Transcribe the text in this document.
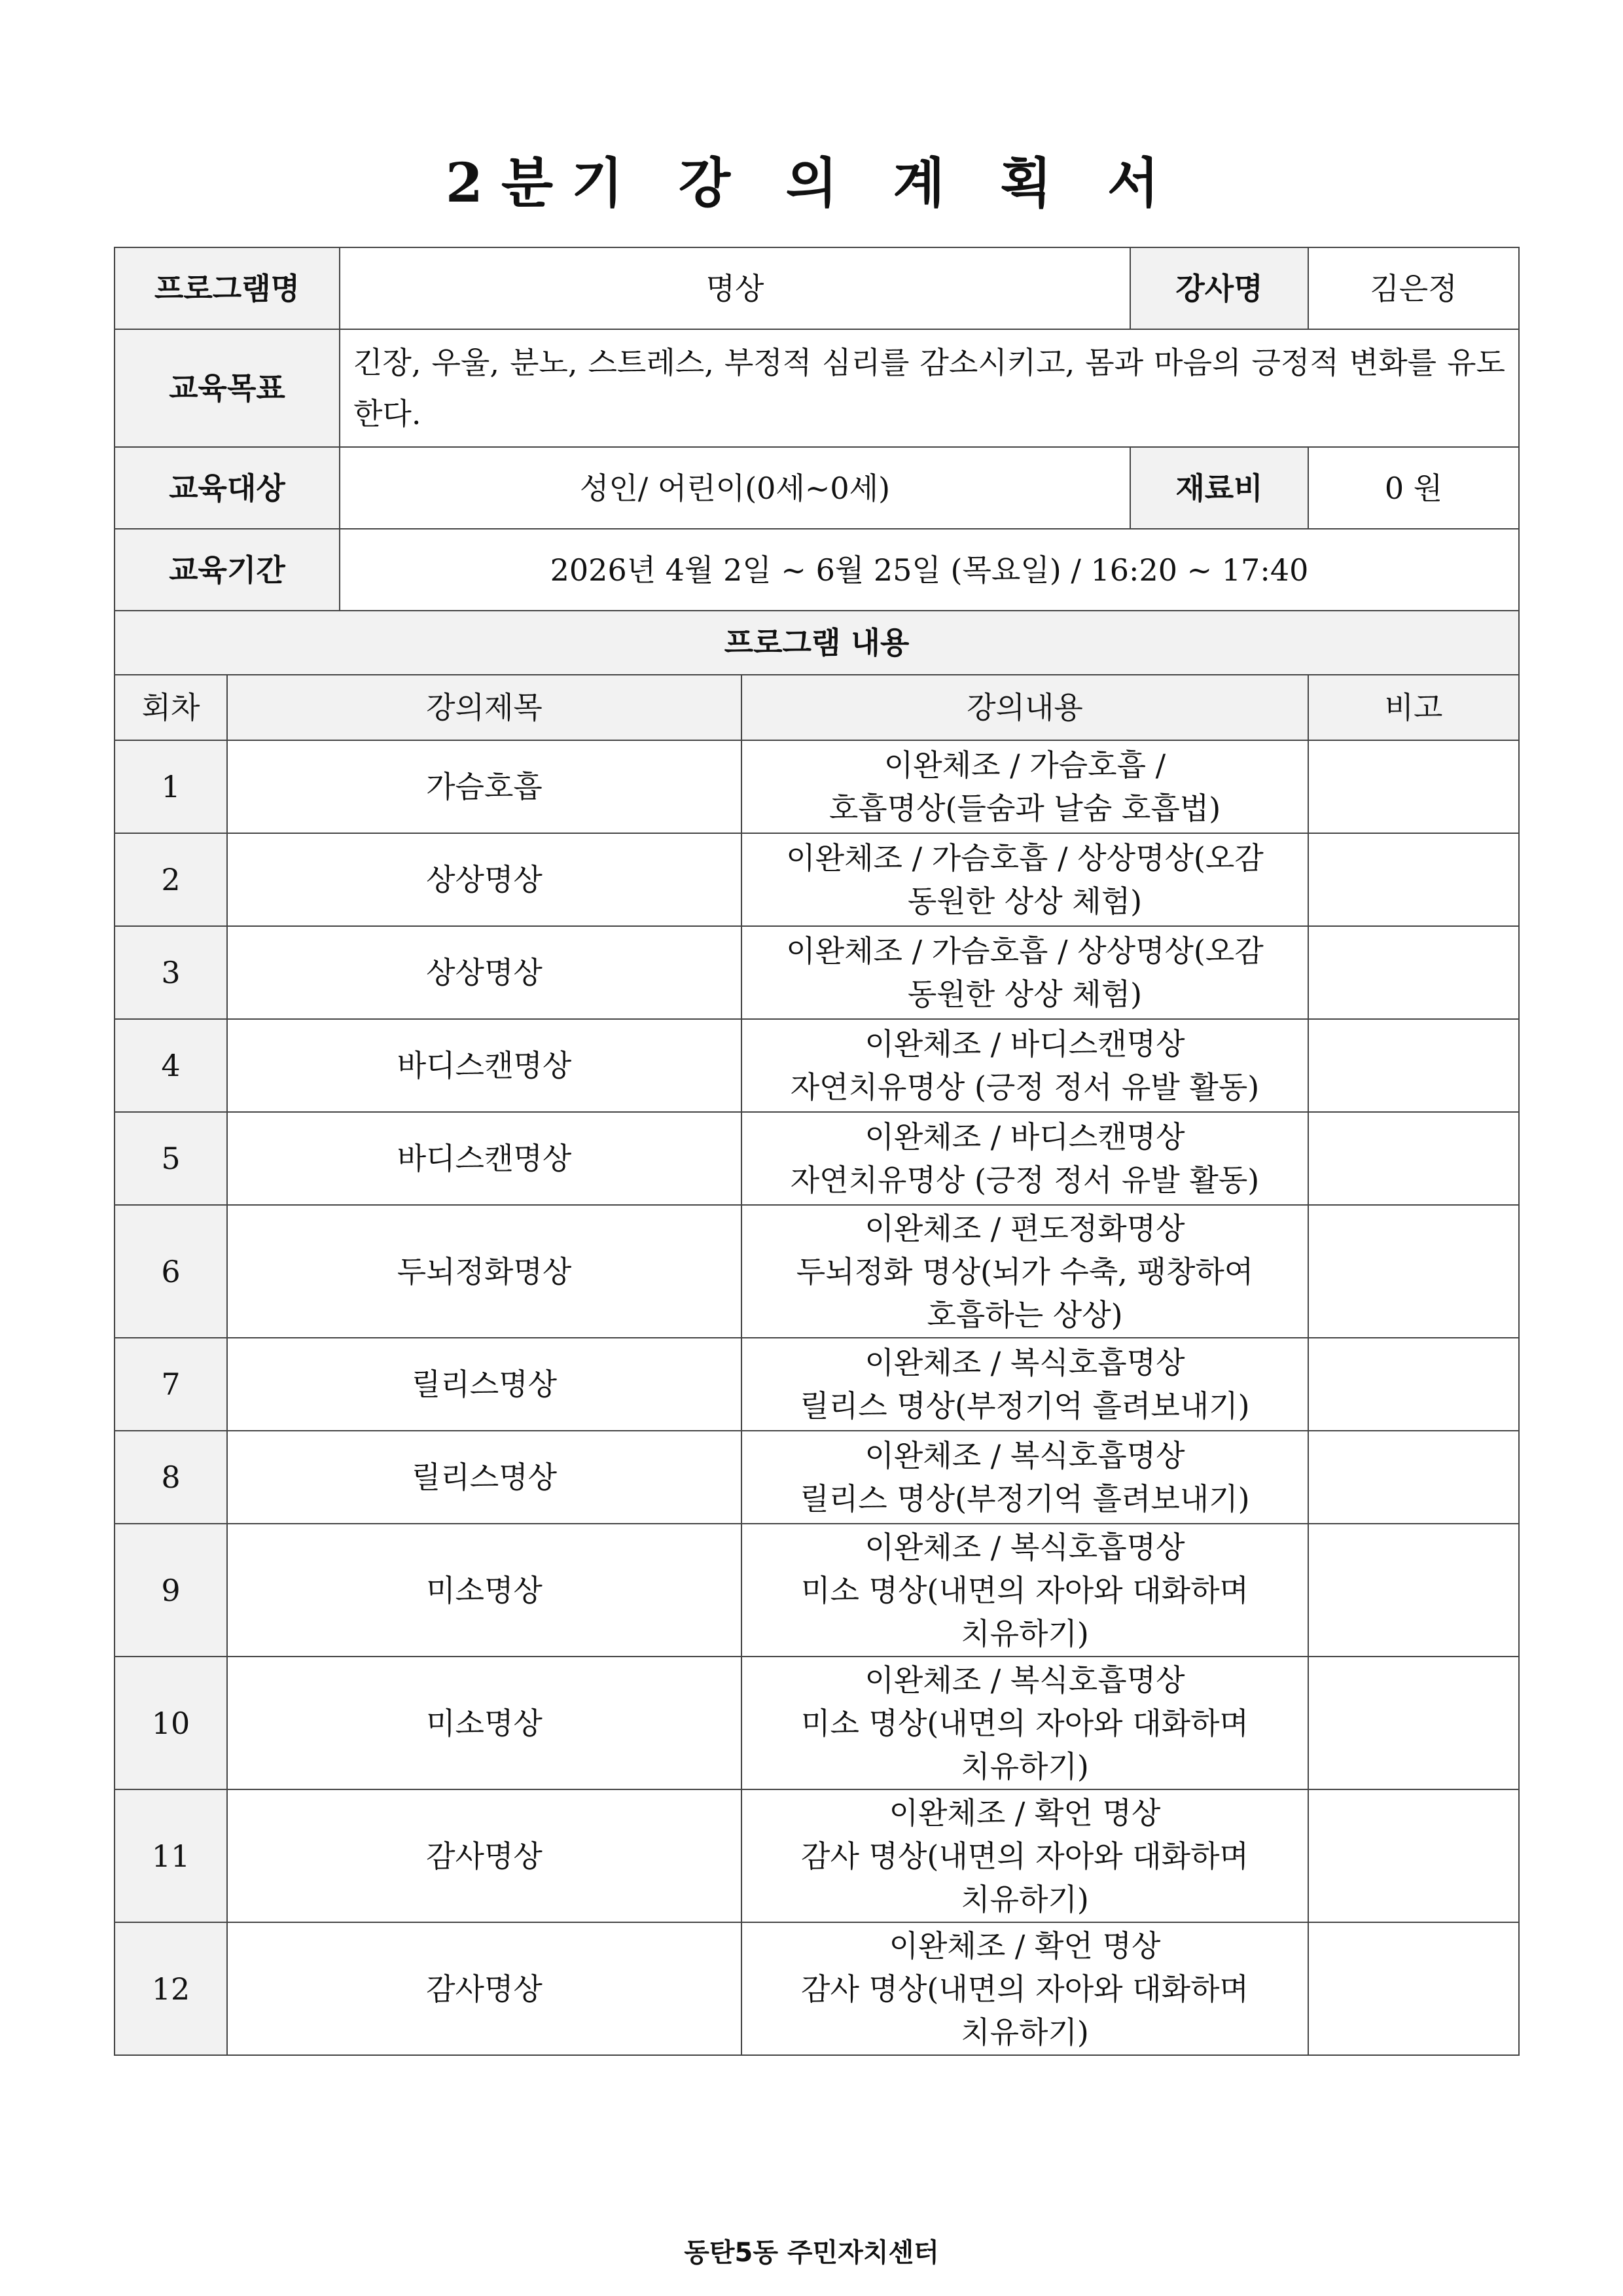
2분기 강 의 계 획 서
프로그램명		명상		강사명	김은정
교육목표		긴장, 우울, 분노, 스트레스, 부정적 심리를 감소시키고, 몸과 마음의 긍정적 변화를 유도한다.			
교육대상		성인/ 어린이(0세~0세)		재료비	0 원
교육기간		2026년 4월 2일 ~ 6월 25일 (목요일) / 16:20 ~ 17:40			
프로그램 내용					
회차	강의제목		강의내용		비고
1	가슴호흡		이완체조 / 가슴호흡 /
호흡명상(들숨과 날숨 호흡법)		

2	상상명상		이완체조 / 가슴호흡 / 상상명상(오감
동원한 상상 체험)		

3	상상명상		이완체조 / 가슴호흡 / 상상명상(오감
동원한 상상 체험)		

4	바디스캔명상		이완체조 / 바디스캔명상
자연치유명상 (긍정 정서 유발 활동)		

5	바디스캔명상		이완체조 / 바디스캔명상
자연치유명상 (긍정 정서 유발 활동)		

6	두뇌정화명상		이완체조 / 편도정화명상
두뇌정화 명상(뇌가 수축, 팽창하여
호흡하는 상상)		

7	릴리스명상		이완체조 / 복식호흡명상
릴리스 명상(부정기억 흘려보내기)		

8	릴리스명상		이완체조 / 복식호흡명상
릴리스 명상(부정기억 흘려보내기)		

9	미소명상		이완체조 / 복식호흡명상
미소 명상(내면의 자아와 대화하며
치유하기)		

10	미소명상		이완체조 / 복식호흡명상
미소 명상(내면의 자아와 대화하며
치유하기)		

11	감사명상		이완체조 / 확언 명상
감사 명상(내면의 자아와 대화하며
치유하기)		

12	감사명상		이완체조 / 확언 명상
감사 명상(내면의 자아와 대화하며
치유하기)		

동탄5동 주민자치센터
